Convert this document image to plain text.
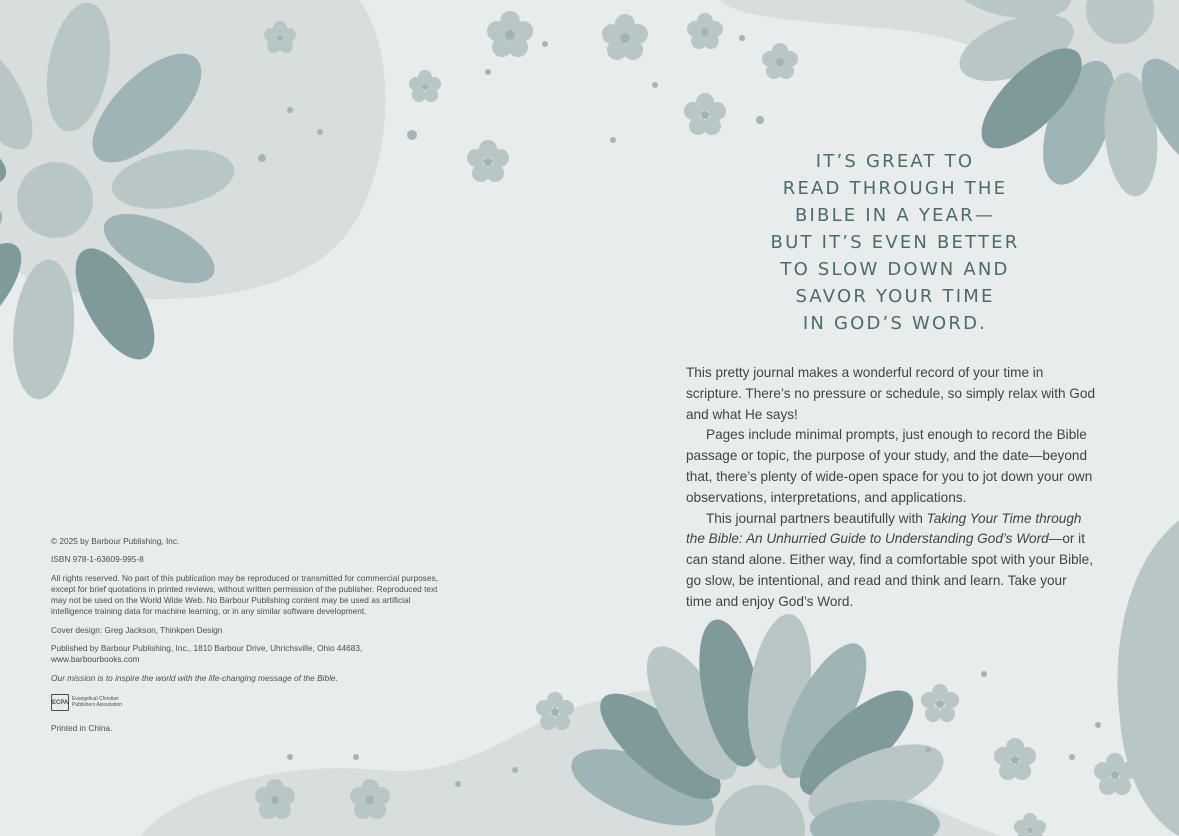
IT’S GREAT TO
READ THROUGH THE
BIBLE IN A YEAR—
BUT IT’S EVEN BETTER
TO SLOW DOWN AND
SAVOR YOUR TIME
IN GOD’S WORD.

This pretty journal makes a wonderful record of your time in scripture. There’s no pressure or schedule, so simply relax with God and what He says!

Pages include minimal prompts, just enough to record the Bible passage or topic, the purpose of your study, and the date—beyond that, there’s plenty of wide-open space for you to jot down your own observations, interpretations, and applications.

This journal partners beautifully with Taking Your Time through the Bible: An Unhurried Guide to Understanding God’s Word—or it can stand alone. Either way, find a comfortable spot with your Bible, go slow, be intentional, and read and think and learn. Take your time and enjoy God’s Word.

© 2025 by Barbour Publishing, Inc.

ISBN 978-1-63609-995-8

All rights reserved. No part of this publication may be reproduced or transmitted for commercial purposes, except for brief quotations in printed reviews, without written permission of the publisher. Reproduced text may not be used on the World Wide Web. No Barbour Publishing content may be used as artificial intelligence training data for machine learning, or in any similar software development.

Cover design: Greg Jackson, Thinkpen Design

Published by Barbour Publishing, Inc., 1810 Barbour Drive, Uhrichsville, Ohio 44683, www.barbourbooks.com

Our mission is to inspire the world with the life-changing message of the Bible.

ECPA
Evangelical Christian Publishers Association

Printed in China.
